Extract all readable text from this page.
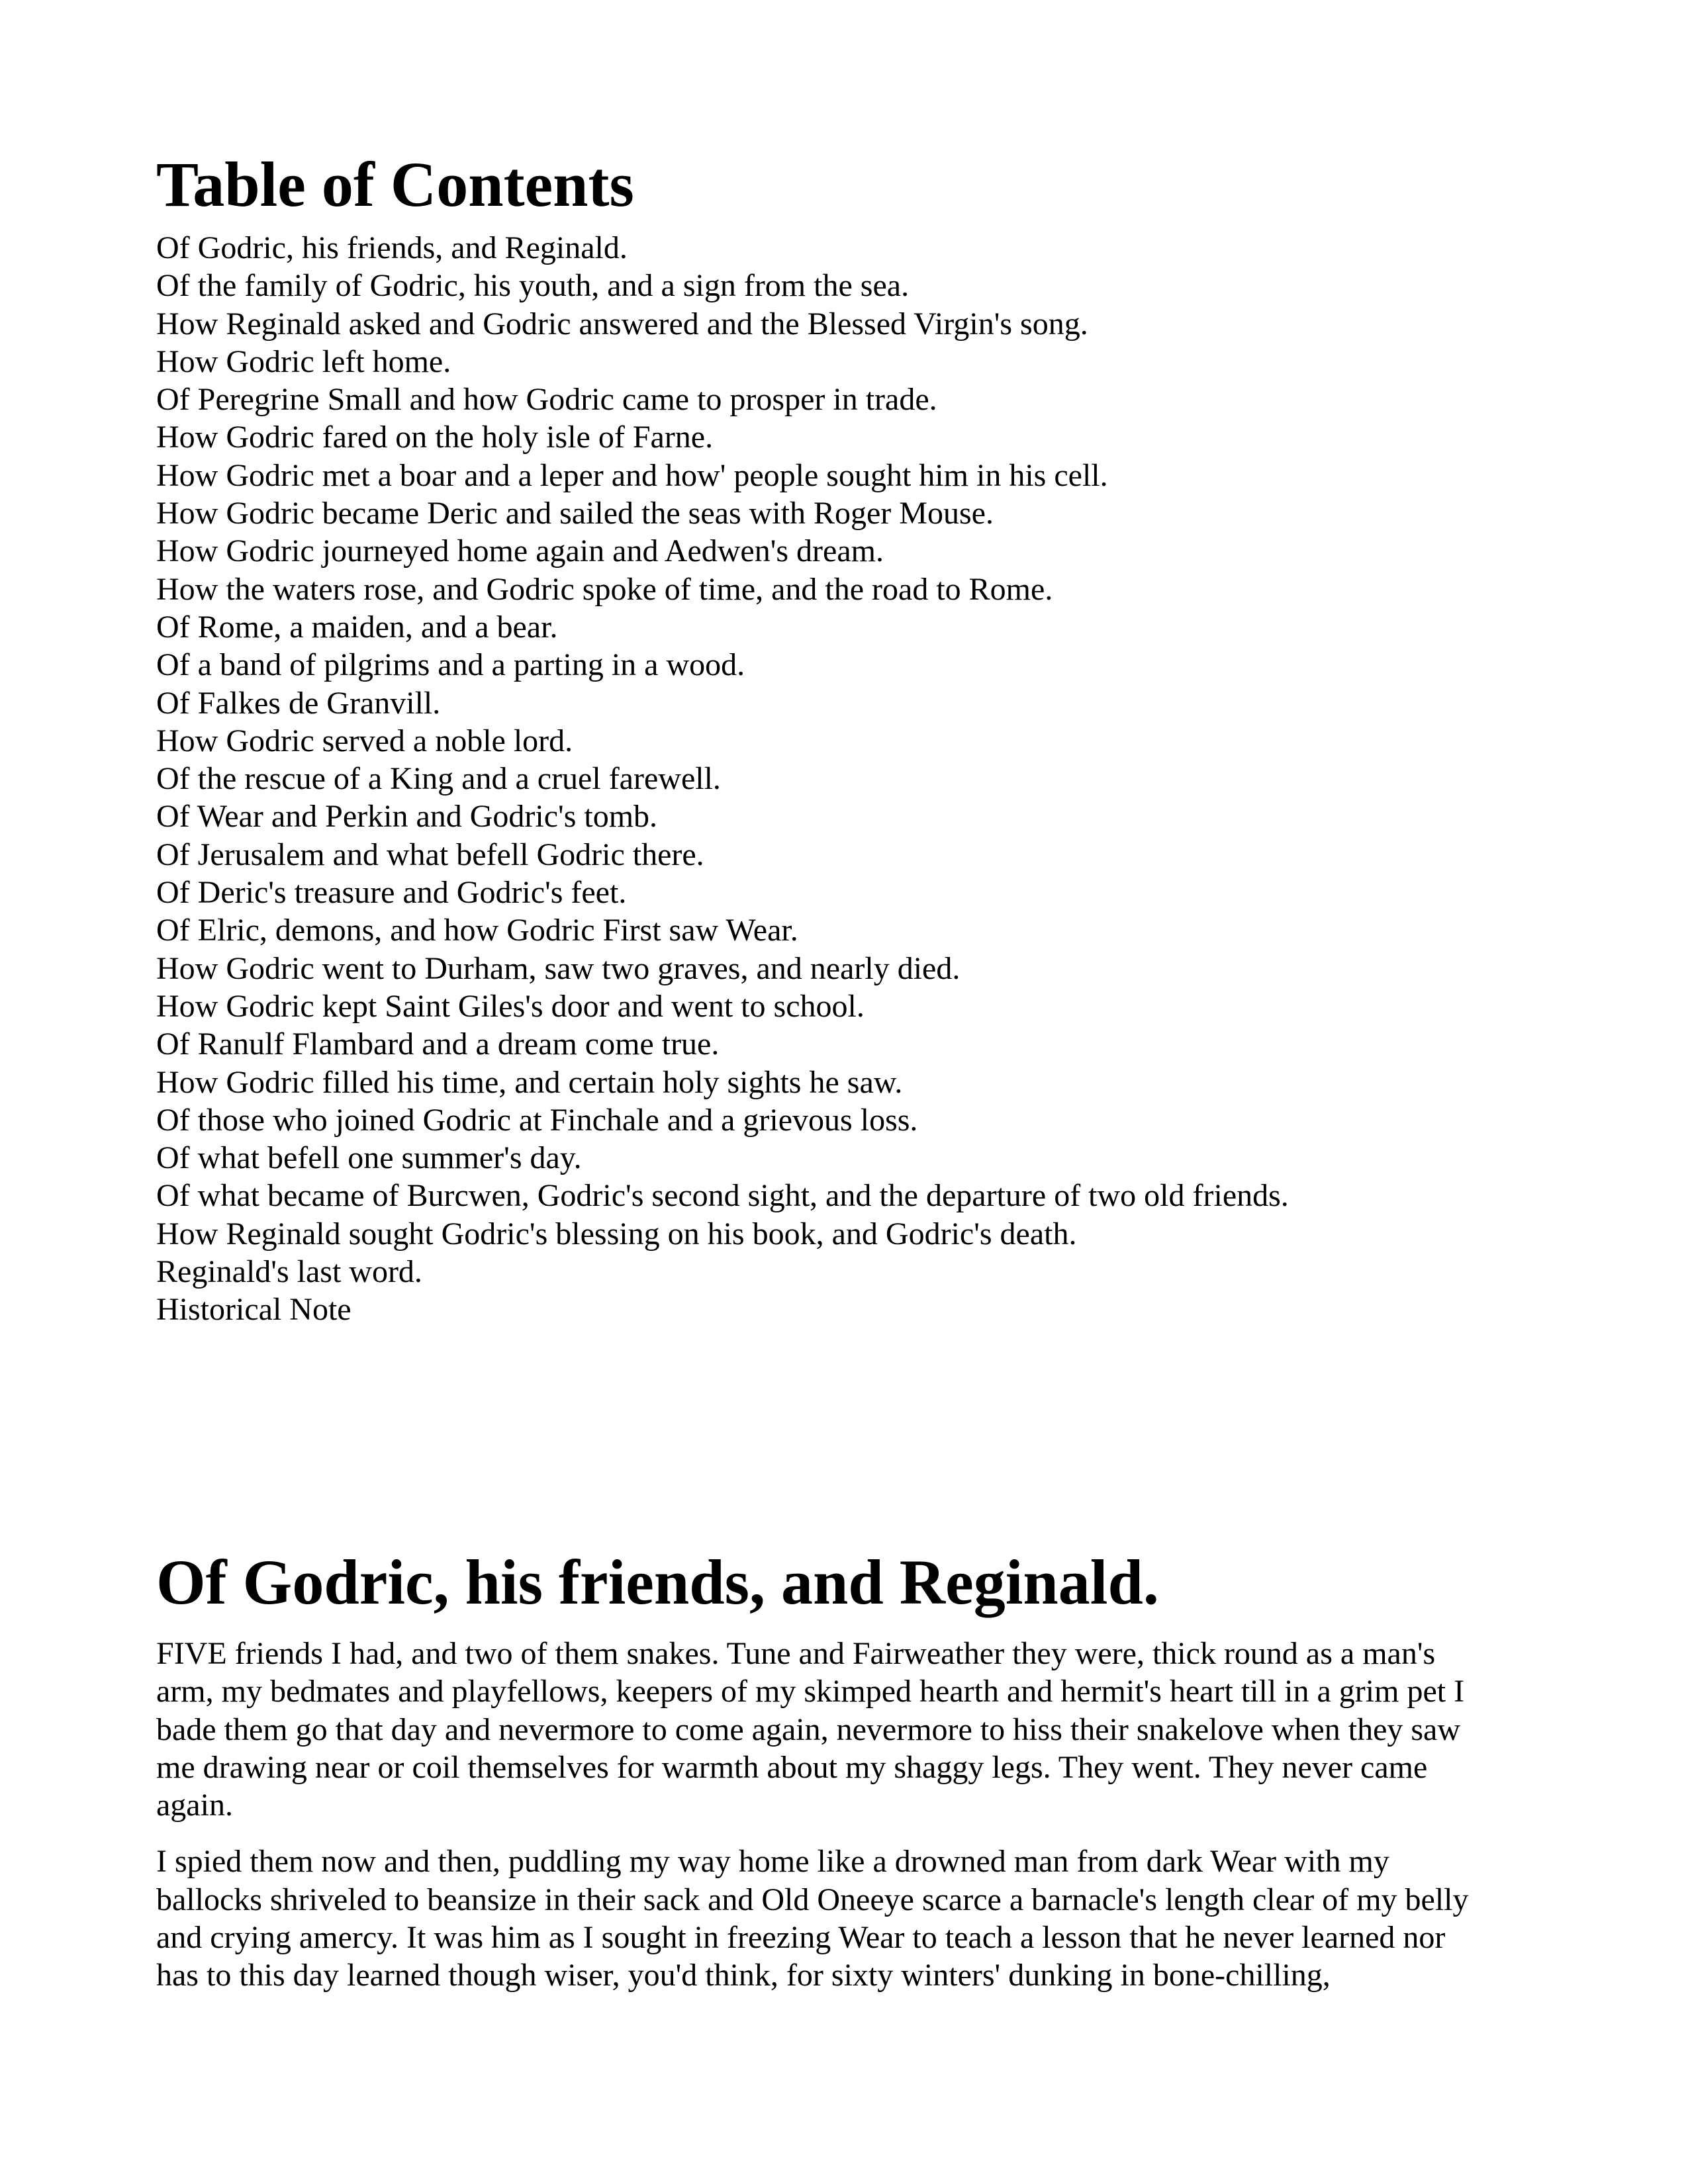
Table of Contents
Of Godric, his friends, and Reginald.
Of the family of Godric, his youth, and a sign from the sea.
How Reginald asked and Godric answered and the Blessed Virgin's song.
How Godric left home.
Of Peregrine Small and how Godric came to prosper in trade.
How Godric fared on the holy isle of Farne.
How Godric met a boar and a leper and how' people sought him in his cell.
How Godric became Deric and sailed the seas with Roger Mouse.
How Godric journeyed home again and Aedwen's dream.
How the waters rose, and Godric spoke of time, and the road to Rome.
Of Rome, a maiden, and a bear.
Of a band of pilgrims and a parting in a wood.
Of Falkes de Granvill.
How Godric served a noble lord.
Of the rescue of a King and a cruel farewell.
Of Wear and Perkin and Godric's tomb.
Of Jerusalem and what befell Godric there.
Of Deric's treasure and Godric's feet.
Of Elric, demons, and how Godric First saw Wear.
How Godric went to Durham, saw two graves, and nearly died.
How Godric kept Saint Giles's door and went to school.
Of Ranulf Flambard and a dream come true.
How Godric filled his time, and certain holy sights he saw.
Of those who joined Godric at Finchale and a grievous loss.
Of what befell one summer's day.
Of what became of Burcwen, Godric's second sight, and the departure of two old friends.
How Reginald sought Godric's blessing on his book, and Godric's death.
Reginald's last word.
Historical Note
Of Godric, his friends, and Reginald.

FIVE friends I had, and two of them snakes. Tune and Fairweather they were, thick round as a man's
arm, my bedmates and playfellows, keepers of my skimped hearth and hermit's heart till in a grim pet I
bade them go that day and nevermore to come again, nevermore to hiss their snakelove when they saw
me drawing near or coil themselves for warmth about my shaggy legs. They went. They never came
again.

I spied them now and then, puddling my way home like a drowned man from dark Wear with my
ballocks shriveled to beansize in their sack and Old Oneeye scarce a barnacle's length clear of my belly
and crying amercy. It was him as I sought in freezing Wear to teach a lesson that he never learned nor
has to this day learned though wiser, you'd think, for sixty winters' dunking in bone-chilling,
